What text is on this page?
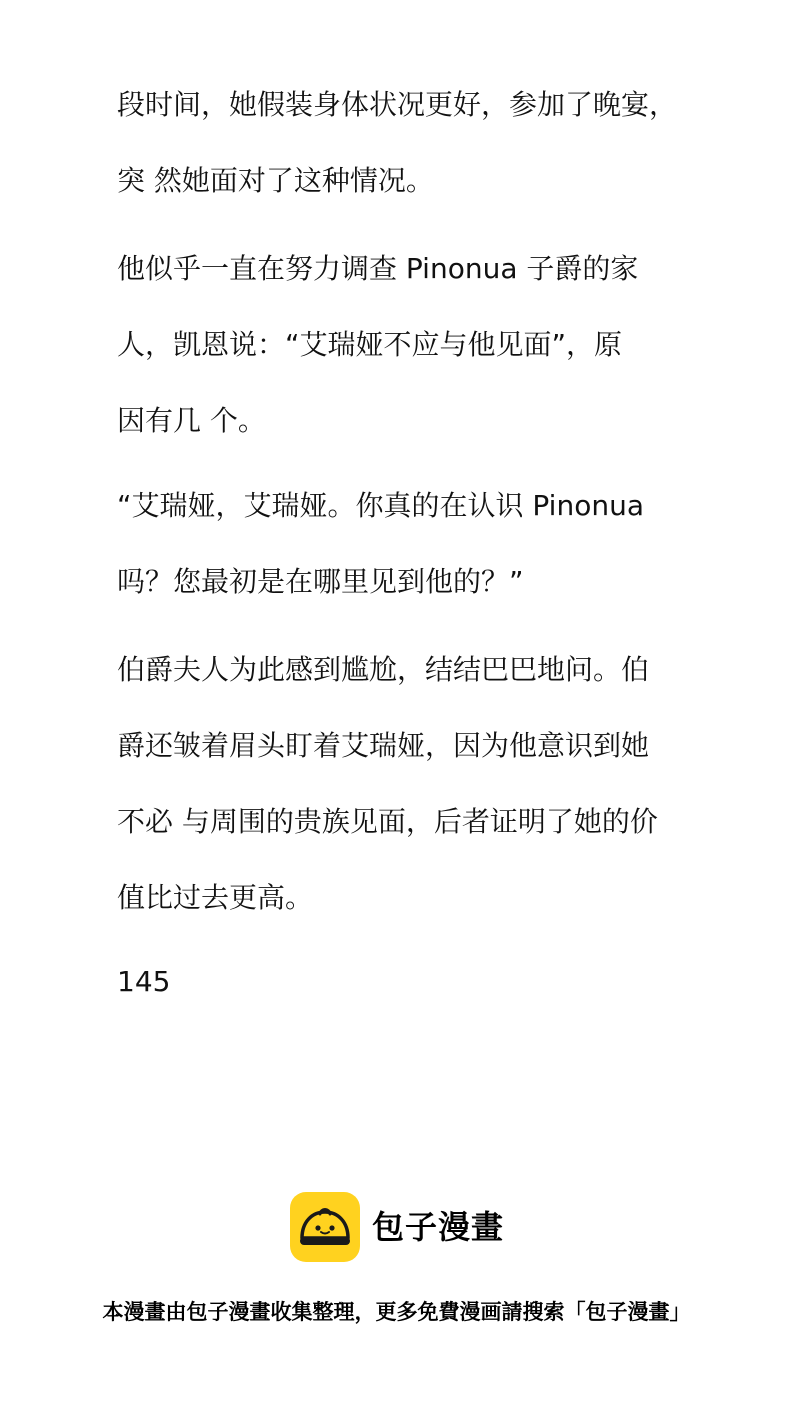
段时间，她假装身体状况更好，参加了晚宴，
突 然她面对了这种情况。
他似乎一直在努力调查 Pinonua 子爵的家
人，凯恩说：“艾瑞娅不应与他见面”，原
因有几 个。
“艾瑞娅，艾瑞娅。你真的在认识 Pinonua
吗？您最初是在哪里见到他的？”
伯爵夫人为此感到尴尬，结结巴巴地问。伯
爵还皱着眉头盯着艾瑞娅，因为他意识到她
不必 与周围的贵族见面，后者证明了她的价
值比过去更高。
145
包子漫畫
本漫畫由包子漫畫收集整理，更多免費漫画請搜索「包子漫畫」
